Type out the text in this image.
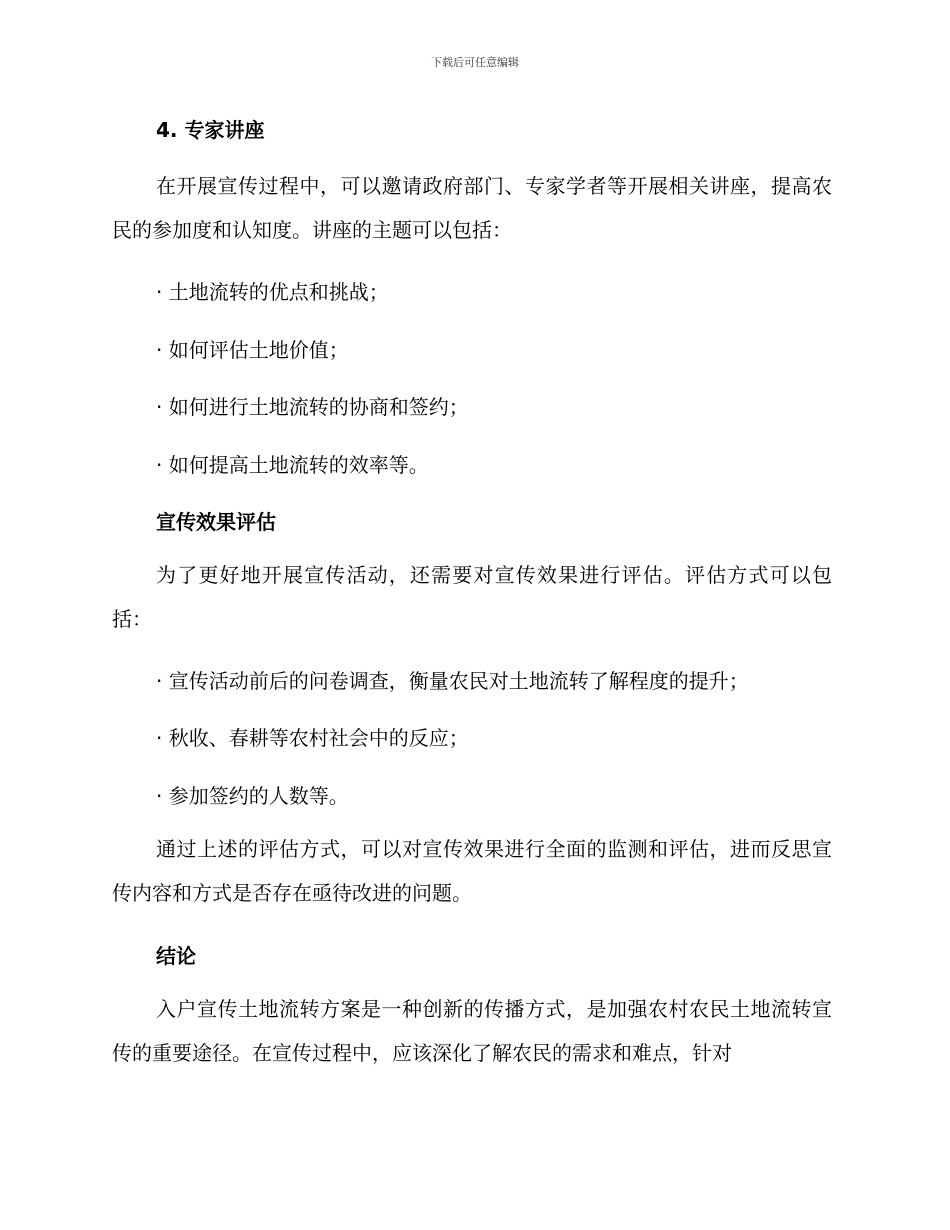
下载后可任意编辑
4. 专家讲座
在开展宣传过程中，可以邀请政府部门、专家学者等开展相关讲座，提高农民的参加度和认知度。讲座的主题可以包括：
· 土地流转的优点和挑战；
· 如何评估土地价值；
· 如何进行土地流转的协商和签约；
· 如何提高土地流转的效率等。
宣传效果评估
为了更好地开展宣传活动，还需要对宣传效果进行评估。评估方式可以包括：
· 宣传活动前后的问卷调查，衡量农民对土地流转了解程度的提升；
· 秋收、春耕等农村社会中的反应；
· 参加签约的人数等。
通过上述的评估方式，可以对宣传效果进行全面的监测和评估，进而反思宣传内容和方式是否存在亟待改进的问题。
结论
入户宣传土地流转方案是一种创新的传播方式，是加强农村农民土地流转宣传的重要途径。在宣传过程中，应该深化了解农民的需求和难点，针对
